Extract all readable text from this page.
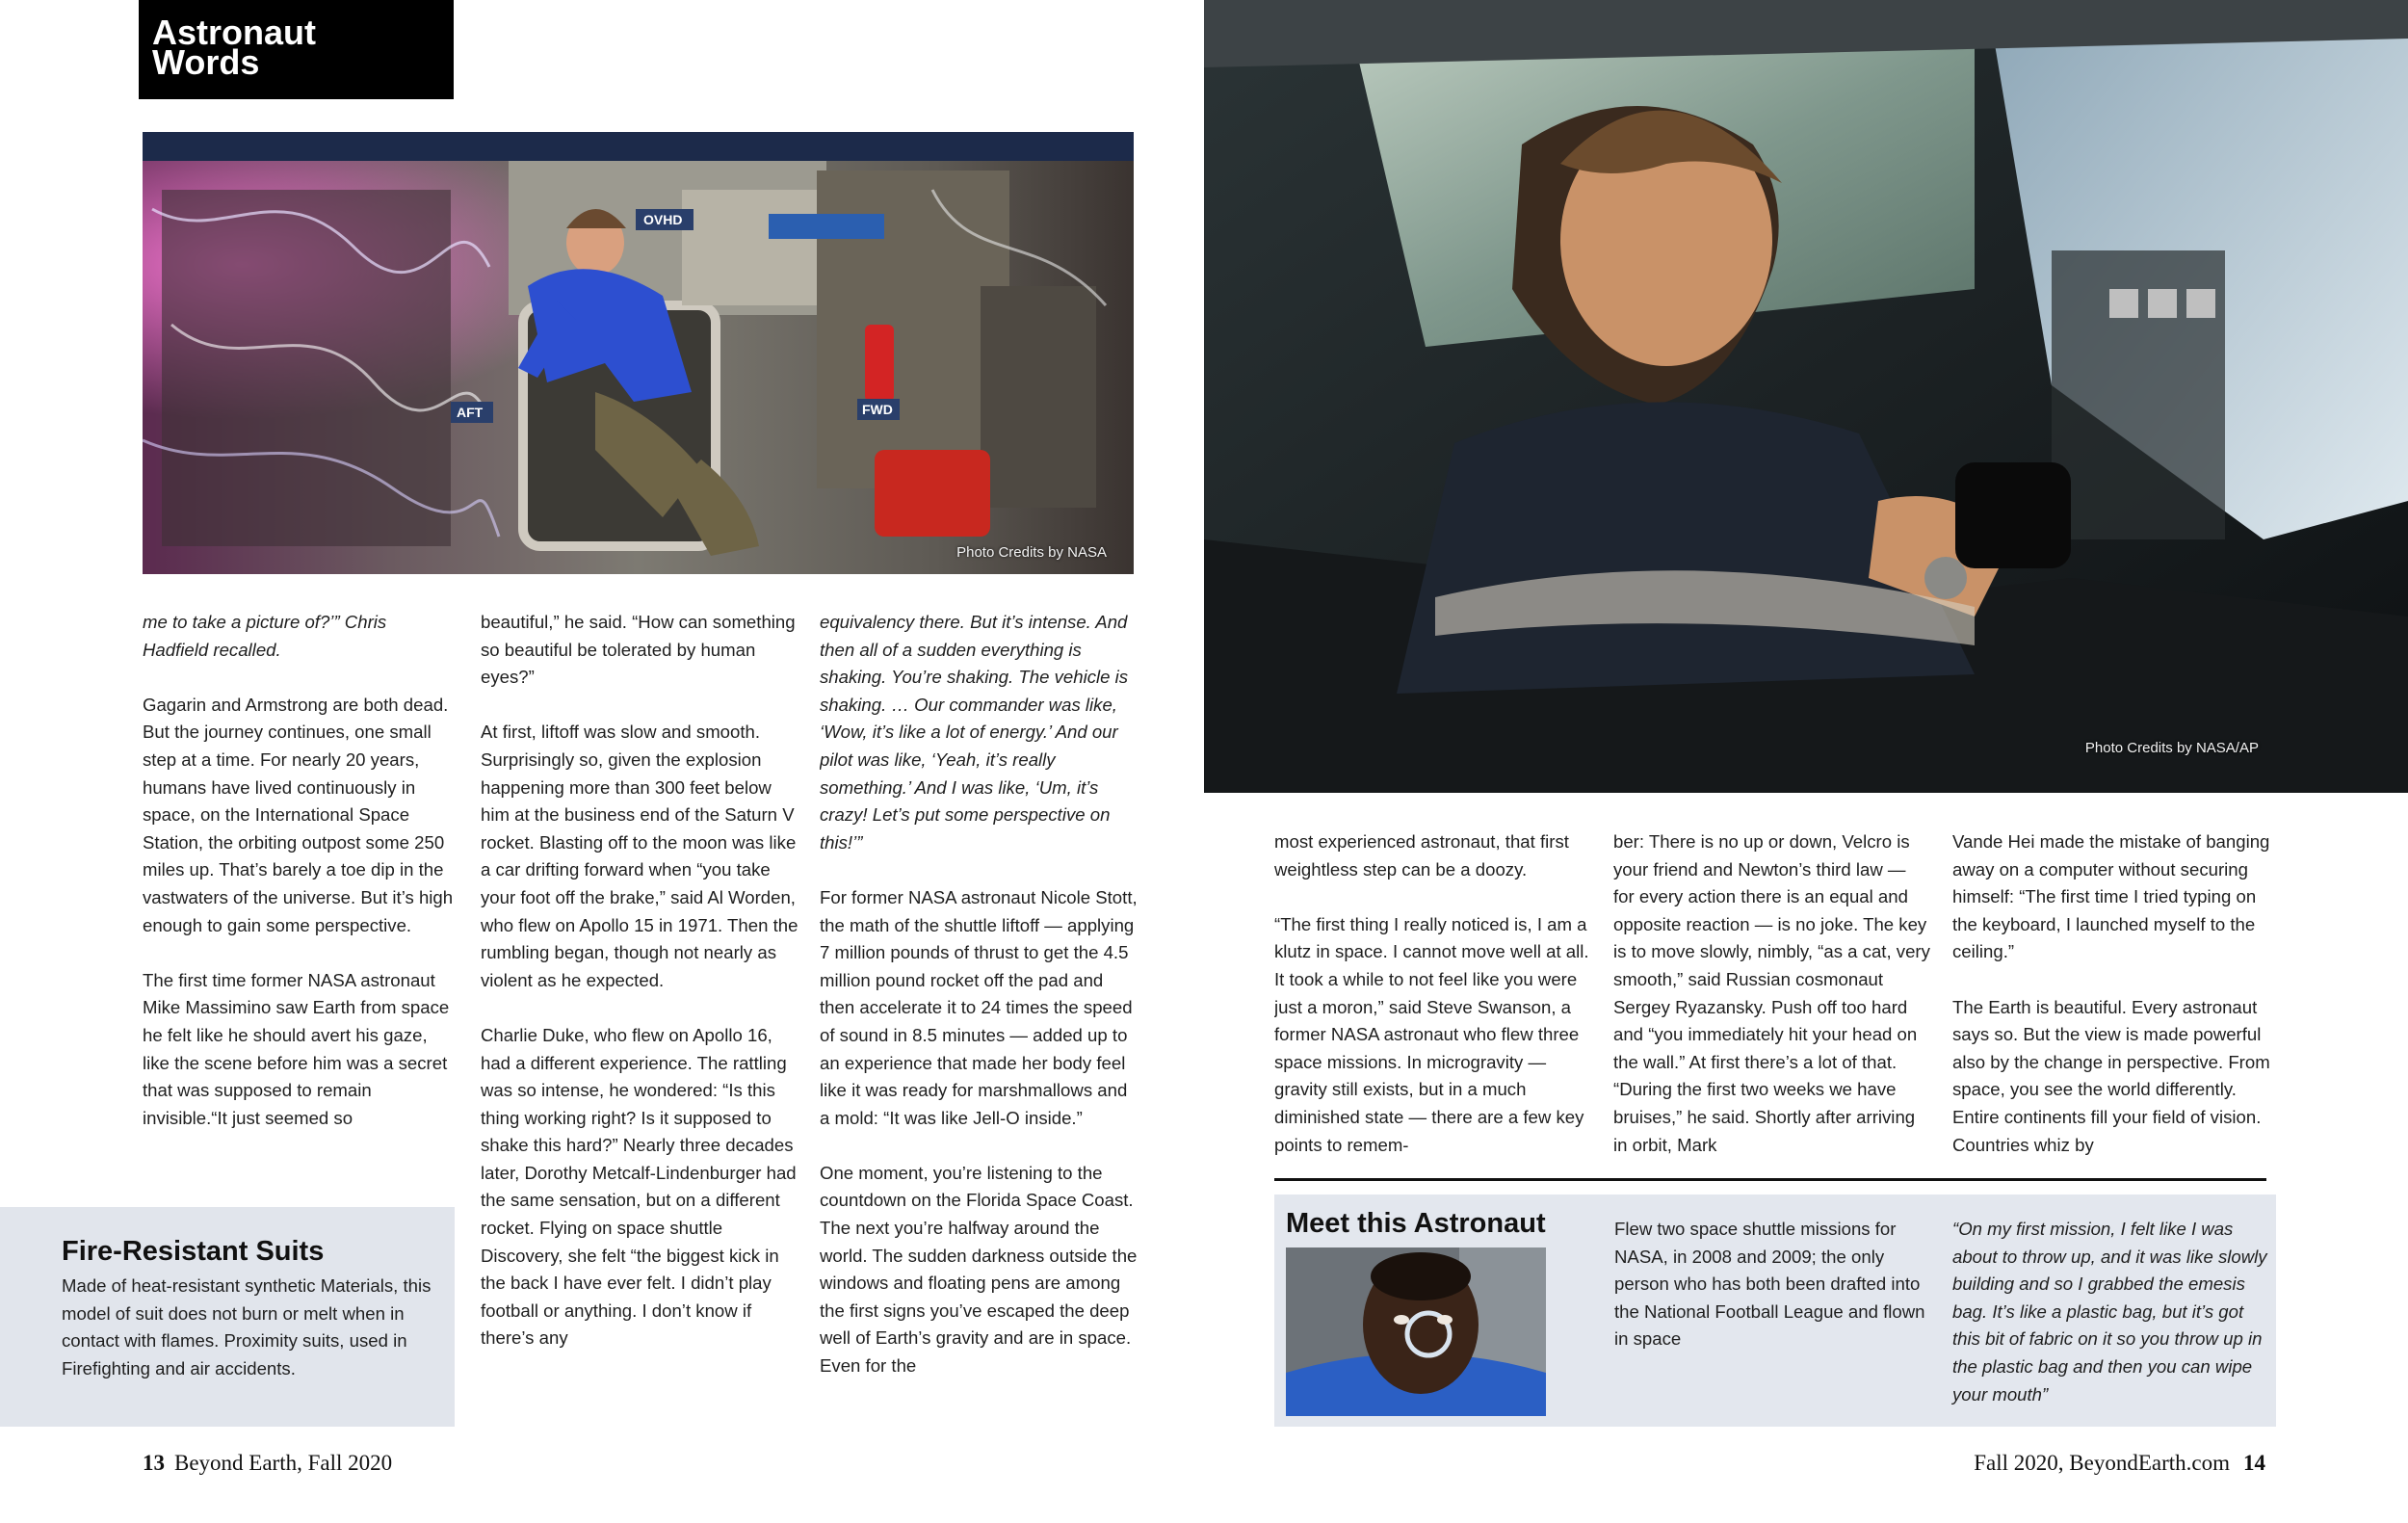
Astronaut
Words
OVHD
AFT	FWD
Photo Credits by NASA
Photo Credits by NASA/AP

me to take a picture of?’” Chris Hadfield recalled.

Gagarin and Armstrong are both dead. But the journey continues, one small step at a time. For nearly 20 years, humans have lived continuously in space, on the International Space Station, the orbiting outpost some 250 miles up. That’s barely a toe dip in the vastwaters of the universe. But it’s high enough to gain some perspective.

The first time former NASA astronaut Mike Massimino saw Earth from space he felt like he should avert his gaze, like the scene before him was a secret that was supposed to remain invisible.“It just seemed so

beautiful,” he said. “How can something so beautiful be tolerated by human eyes?”

At first, liftoff was slow and smooth. Surprisingly so, given the explosion happening more than 300 feet below him at the business end of the Saturn V rocket. Blasting off to the moon was like a car drifting forward when “you take your foot off the brake,” said Al Worden, who flew on Apollo 15 in 1971. Then the rumbling began, though not nearly as violent as he expected.

Charlie Duke, who flew on Apollo 16, had a different experience. The rattling was so intense, he wondered: “Is this thing working right? Is it supposed to shake this hard?” Nearly three decades later, Dorothy Metcalf-Lindenburger had the same sensation, but on a different rocket. Flying on space shuttle Discovery, she felt “the biggest kick in the back I have ever felt. I didn’t play football or anything. I don’t know if there’s any

equivalency there. But it’s intense. And then all of a sudden everything is shaking. You’re shaking. The vehicle is shaking. … Our commander was like, ‘Wow, it’s like a lot of energy.’ And our pilot was like, ‘Yeah, it’s really something.’ And I was like, ‘Um, it’s crazy! Let’s put some perspective on this!’”

For former NASA astronaut Nicole Stott, the math of the shuttle liftoff — applying 7 million pounds of thrust to get the 4.5 million pound rocket off the pad and then accelerate it to 24 times the speed of sound in 8.5 minutes — added up to an experience that made her body feel like it was ready for marshmallows and a mold: “It was like Jell-O inside.”

One moment, you’re listening to the countdown on the Florida Space Coast. The next you’re halfway around the world. The sudden darkness outside the windows and floating pens are among the first signs you’ve escaped the deep well of Earth’s gravity and are in space. Even for the

Fire-Resistant Suits
Made of heat-resistant synthetic Materials, this model of suit does not burn or melt when in contact with flames. Proximity suits, used in Firefighting and air accidents.

most experienced astronaut, that first weightless step can be a doozy.

“The first thing I really noticed is, I am a klutz in space. I cannot move well at all. It took a while to not feel like you were just a moron,” said Steve Swanson, a former NASA astronaut who flew three space missions. In microgravity — gravity still exists, but in a much diminished state — there are a few key points to remem-

ber: There is no up or down, Velcro is your friend and Newton’s third law — for every action there is an equal and opposite reaction — is no joke. The key is to move slowly, nimbly, “as a cat, very smooth,” said Russian cosmonaut Sergey Ryazansky. Push off too hard and “you immediately hit your head on the wall.” At first there’s a lot of that. “During the first two weeks we have bruises,” he said. Shortly after arriving in orbit, Mark

Vande Hei made the mistake of banging away on a computer without securing himself: “The first time I tried typing on the keyboard, I launched myself to the ceiling.”

The Earth is beautiful. Every astronaut says so. But the view is made powerful also by the change in perspective. From space, you see the world differently. Entire continents fill your field of vision. Countries whiz by

Meet this Astronaut	Flew two space shuttle missions for NASA, in 2008 and 2009; the only person who has both been drafted into the National Football League and flown in space
“On my first mission, I felt like I was about to throw up, and it was like slowly building and so I grabbed the emesis bag. It’s like a plastic bag, but it’s got this bit of fabric on it so you throw up in the plastic bag and then you can wipe your mouth”
13 Beyond Earth, Fall 2020	Fall 2020, BeyondEarth.com 14
